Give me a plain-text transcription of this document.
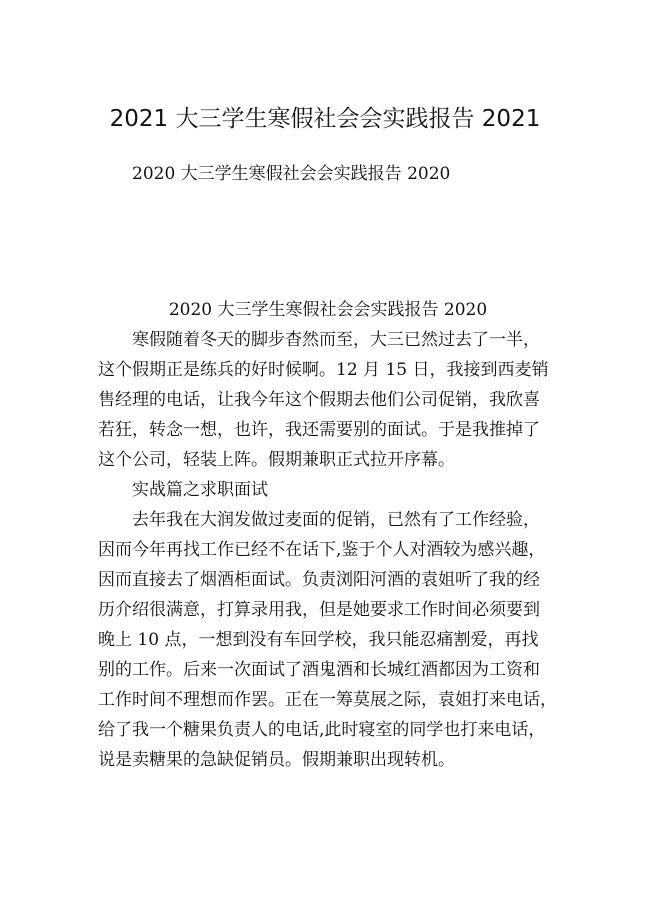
2021 大三学生寒假社会会实践报告 2021

2020 大三学生寒假社会会实践报告 2020

2020 大三学生寒假社会会实践报告 2020

寒假随着冬天的脚步杳然而至，大三已然过去了一半，
这个假期正是练兵的好时候啊。12 月 15 日，我接到西麦销
售经理的电话，让我今年这个假期去他们公司促销，我欣喜
若狂，转念一想，也许，我还需要别的面试。于是我推掉了
这个公司，轻装上阵。假期兼职正式拉开序幕。

实战篇之求职面试

去年我在大润发做过麦面的促销，已然有了工作经验，
因而今年再找工作已经不在话下,鉴于个人对酒较为感兴趣，
因而直接去了烟酒柜面试。负责浏阳河酒的袁姐听了我的经
历介绍很满意，打算录用我，但是她要求工作时间必须要到
晚上 10 点，一想到没有车回学校，我只能忍痛割爱，再找
别的工作。后来一次面试了酒鬼酒和长城红酒都因为工资和
工作时间不理想而作罢。正在一筹莫展之际，袁姐打来电话，
给了我一个糖果负责人的电话,此时寝室的同学也打来电话，
说是卖糖果的急缺促销员。假期兼职出现转机。
